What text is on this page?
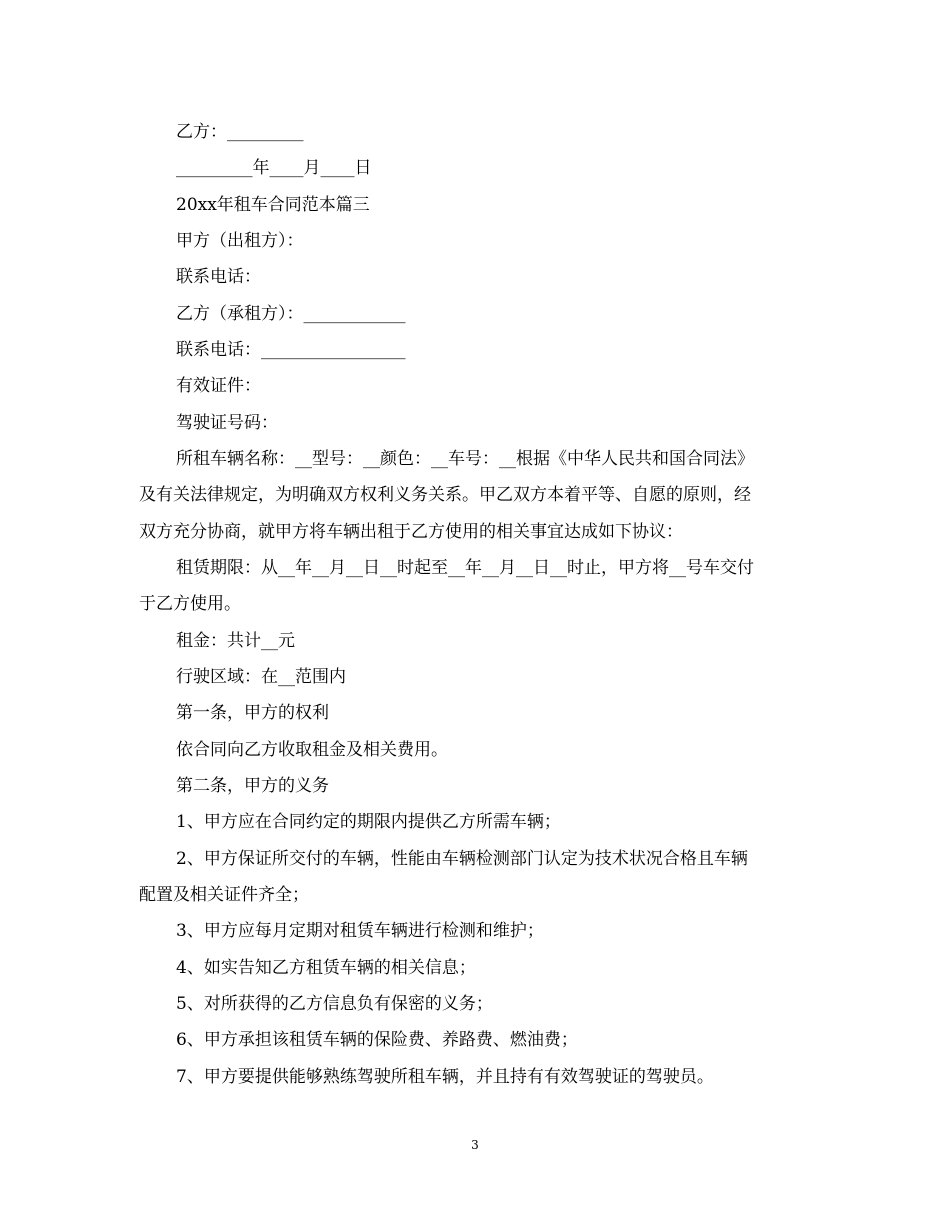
乙方：_________
_________年____月____日
20xx年租车合同范本篇三
甲方（出租方）：
联系电话：
乙方（承租方）：____________
联系电话：_________________
有效证件：
驾驶证号码：
所租车辆名称：__型号：__颜色：__车号：__根据《中华人民共和国合同法》
及有关法律规定，为明确双方权利义务关系。甲乙双方本着平等、自愿的原则，经
双方充分协商，就甲方将车辆出租于乙方使用的相关事宜达成如下协议：
租赁期限：从__年__月__日__时起至__年__月__日__时止，甲方将__号车交付
于乙方使用。
租金：共计__元
行驶区域：在__范围内
第一条，甲方的权利
依合同向乙方收取租金及相关费用。
第二条，甲方的义务
1、甲方应在合同约定的期限内提供乙方所需车辆；
2、甲方保证所交付的车辆，性能由车辆检测部门认定为技术状况合格且车辆
配置及相关证件齐全；
3、甲方应每月定期对租赁车辆进行检测和维护；
4、如实告知乙方租赁车辆的相关信息；
5、对所获得的乙方信息负有保密的义务；
6、甲方承担该租赁车辆的保险费、养路费、燃油费；
7、甲方要提供能够熟练驾驶所租车辆，并且持有有效驾驶证的驾驶员。
3
